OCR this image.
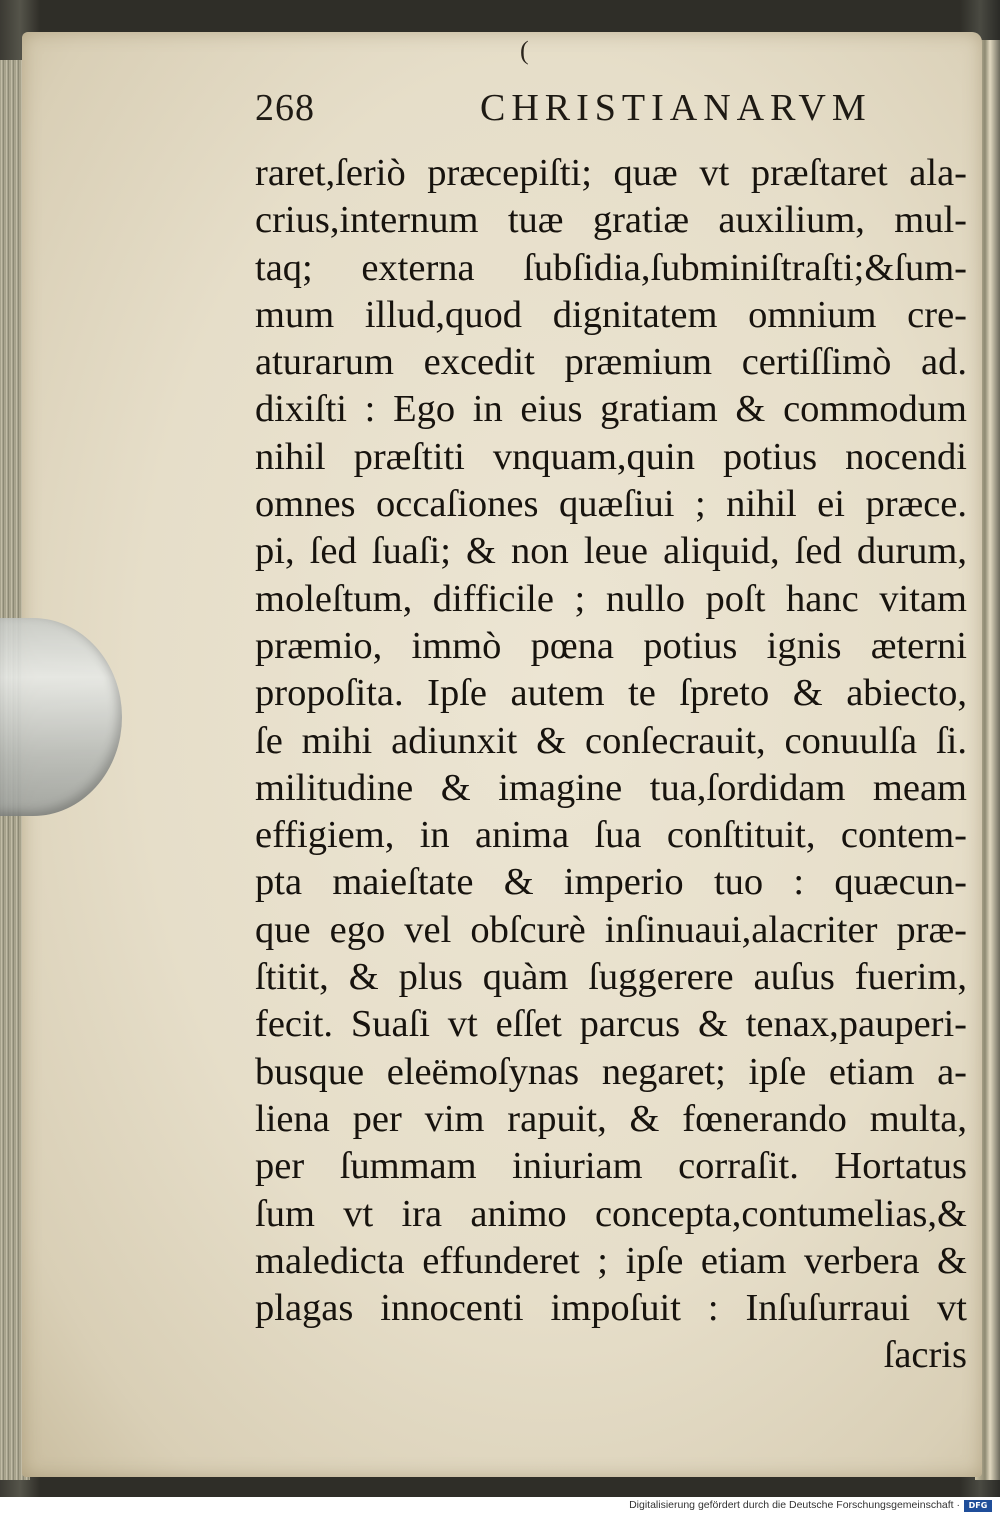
268	CHRISTIANARVM
(
raret,ſeriò præcepiſti; quæ vt præſtaret ala-
crius,internum tuæ gratiæ auxilium, mul-
taq; externa ſubſidia,ſubminiſtraſti;&ſum-
mum illud,quod dignitatem omnium cre-
aturarum excedit præmium certiſſimò ad.
dixiſti : Ego in eius gratiam & commodum
nihil præſtiti vnquam,quin potius nocendi
omnes occaſiones quæſiui ; nihil ei præce.
pi, ſed ſuaſi; & non leue aliquid, ſed durum,
moleſtum, difficile ; nullo poſt hanc vitam
præmio, immò pœna potius ignis æterni
propoſita. Ipſe autem te ſpreto & abiecto,
ſe mihi adiunxit & conſecrauit, conuulſa ſi.
militudine & imagine tua,ſordidam meam
effigiem, in anima ſua conſtituit, contem-
pta maieſtate & imperio tuo : quæcun-
que ego vel obſcurè inſinuaui,alacriter præ-
ſtitit, & plus quàm ſuggerere auſus fuerim,
fecit. Suaſi vt eſſet parcus & tenax,pauperi-
busque eleëmoſynas negaret; ipſe etiam a-
liena per vim rapuit, & fœnerando multa,
per ſummam iniuriam corraſit. Hortatus
ſum vt ira animo concepta,contumelias,&
maledicta effunderet ; ipſe etiam verbera &
plagas innocenti impoſuit : Inſuſurraui vt
ſacris
Digitalisierung gefördert durch die Deutsche Forschungsgemeinschaft ·	DFG
